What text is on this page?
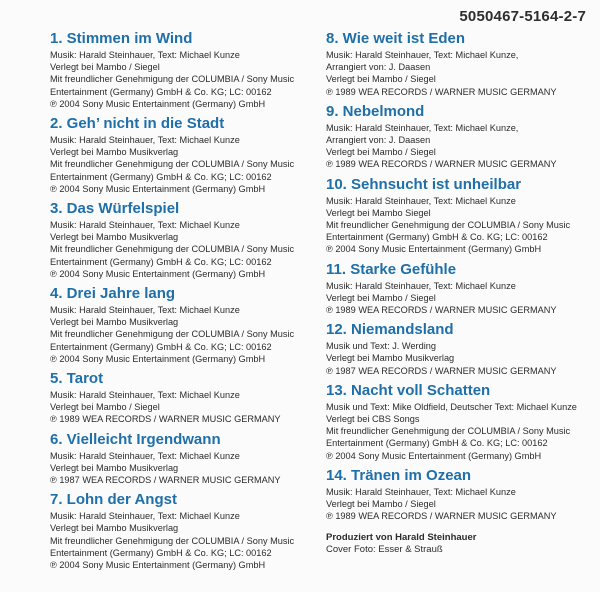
5050467-5164-2-7
1. Stimmen im Wind
Musik: Harald Steinhauer, Text: Michael Kunze
Verlegt bei Mambo / Siegel
Mit freundlicher Genehmigung der COLUMBIA / Sony Music
Entertainment (Germany) GmbH & Co. KG; LC: 00162
℗ 2004 Sony Music Entertainment (Germany) GmbH
2. Geh’ nicht in die Stadt
Musik: Harald Steinhauer, Text: Michael Kunze
Verlegt bei Mambo Musikverlag
Mit freundlicher Genehmigung der COLUMBIA / Sony Music
Entertainment (Germany) GmbH & Co. KG; LC: 00162
℗ 2004 Sony Music Entertainment (Germany) GmbH
3. Das Würfelspiel
Musik: Harald Steinhauer, Text: Michael Kunze
Verlegt bei Mambo Musikverlag
Mit freundlicher Genehmigung der COLUMBIA / Sony Music
Entertainment (Germany) GmbH & Co. KG; LC: 00162
℗ 2004 Sony Music Entertainment (Germany) GmbH
4. Drei Jahre lang
Musik: Harald Steinhauer, Text: Michael Kunze
Verlegt bei Mambo Musikverlag
Mit freundlicher Genehmigung der COLUMBIA / Sony Music
Entertainment (Germany) GmbH & Co. KG; LC: 00162
℗ 2004 Sony Music Entertainment (Germany) GmbH
5. Tarot
Musik: Harald Steinhauer, Text: Michael Kunze
Verlegt bei Mambo / Siegel
℗ 1989 WEA RECORDS / WARNER MUSIC GERMANY
6. Vielleicht Irgendwann
Musik: Harald Steinhauer, Text: Michael Kunze
Verlegt bei Mambo Musikverlag
℗ 1987 WEA RECORDS / WARNER MUSIC GERMANY
7. Lohn der Angst
Musik: Harald Steinhauer, Text: Michael Kunze
Verlegt bei Mambo Musikverlag
Mit freundlicher Genehmigung der COLUMBIA / Sony Music
Entertainment (Germany) GmbH & Co. KG; LC: 00162
℗ 2004 Sony Music Entertainment (Germany) GmbH
8. Wie weit ist Eden
Musik: Harald Steinhauer, Text: Michael Kunze,
Arrangiert von: J. Daasen
Verlegt bei Mambo / Siegel
℗ 1989 WEA RECORDS / WARNER MUSIC GERMANY
9. Nebelmond
Musik: Harald Steinhauer, Text: Michael Kunze,
Arrangiert von: J. Daasen
Verlegt bei Mambo / Siegel
℗ 1989 WEA RECORDS / WARNER MUSIC GERMANY
10. Sehnsucht ist unheilbar
Musik: Harald Steinhauer, Text: Michael Kunze
Verlegt bei Mambo Siegel
Mit freundlicher Genehmigung der COLUMBIA / Sony Music
Entertainment (Germany) GmbH & Co. KG; LC: 00162
℗ 2004 Sony Music Entertainment (Germany) GmbH
11. Starke Gefühle
Musik: Harald Steinhauer, Text: Michael Kunze
Verlegt bei Mambo / Siegel
℗ 1989 WEA RECORDS / WARNER MUSIC GERMANY
12. Niemandsland
Musik und Text: J. Werding
Verlegt bei Mambo Musikverlag
℗ 1987 WEA RECORDS / WARNER MUSIC GERMANY
13. Nacht voll Schatten
Musik und Text: Mike Oldfield, Deutscher Text: Michael Kunze
Verlegt bei CBS Songs
Mit freundlicher Genehmigung der COLUMBIA / Sony Music
Entertainment (Germany) GmbH & Co. KG; LC: 00162
℗ 2004 Sony Music Entertainment (Germany) GmbH
14. Tränen im Ozean
Musik: Harald Steinhauer, Text: Michael Kunze
Verlegt bei Mambo / Siegel
℗ 1989 WEA RECORDS / WARNER MUSIC GERMANY
Produziert von Harald Steinhauer
Cover Foto: Esser & Strauß
